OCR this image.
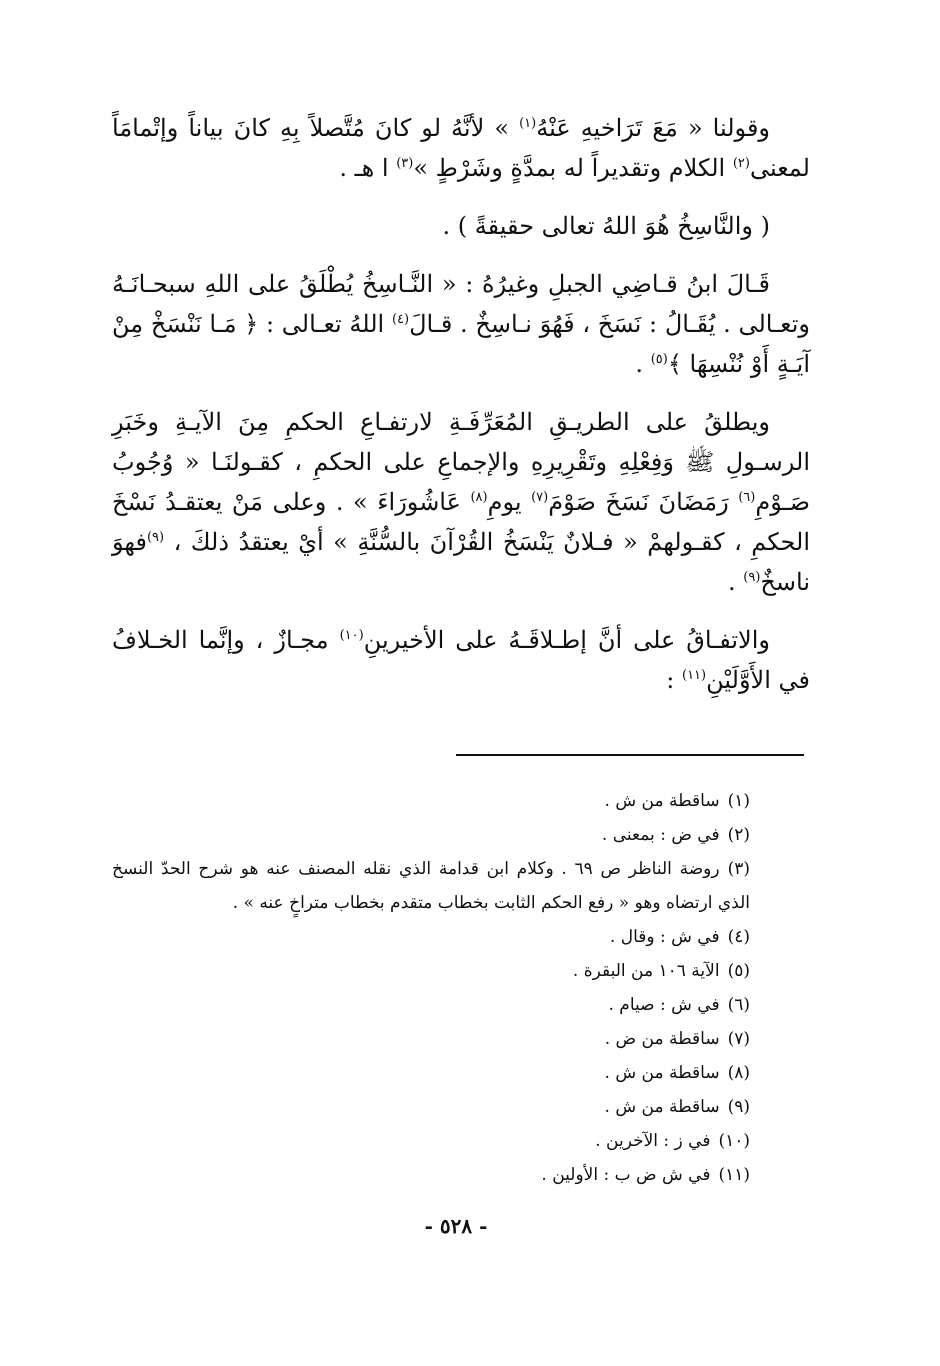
وقولنا « مَعَ تَرَاخيهِ عَنْهُ$^{(١)}$ » لأنَّهُ لو كانَ مُتَّصلاً بِهِ كانَ بياناً وإتْمامَاً لمعنى$^{(٢)}$ الكلام وتقديراً له بمدَّةٍ وشَرْطٍ »$^{(٣)}$ ا هـ .

( والنَّاسِخُ هُوَ اللهُ تعالى حقيقةً ) .

قَـالَ ابنُ قـاضِي الجبلِ وغيرُهُ : « النَّـاسِخُ يُطْلَقُ على اللهِ سبحـانَـهُ وتعـالى . يُقَـالُ : نَسَخَ ، فَهُوَ نـاسِخٌ . قـالَ$^{(٤)}$ اللهُ تعـالى : ﴿ مَـا نَنْسَخْ مِنْ آيَـةٍ أَوْ نُنْسِهَا ﴾$^{(٥)}$ .

ويطلقُ على الطريـقِ المُعَرِّفَـةِ لارتفـاعِ الحكمِ مِنَ الآيـةِ وخَبَرِ الرسـولِ ﷺ وَفِعْلِهِ وتَقْرِيرِهِ والإجماعِ على الحكمِ ، كقـولنَـا « وُجُوبُ صَـوْمِ$^{(٦)}$ رَمَضَانَ نَسَخَ صَوْمَ$^{(٧)}$ يومِ$^{(٨)}$ عَاشُورَاءَ » . وعلى مَنْ يعتقـدُ نَسْخَ الحكمِ ، كقـولهمْ « فـلانٌ يَنْسَخُ القُرْآنَ بالسُّنَّةِ » أيْ يعتقدُ ذلكَ ، $^{(٩)}$فهوَ ناسخٌ$^{(٩)}$ .

والاتفـاقُ على أنَّ إطـلاقَـهُ على الأخيرينِ$^{(١٠)}$ مجـازٌ ، وإنَّما الخـلافُ في الأَوَّلَيْنِ$^{(١١)}$ :

(١)ساقطة من ش .
(٢)في ض : بمعنى .
(٣)روضة الناظر ص ٦٩ . وكلام ابن قدامة الذي نقله المصنف عنه هو شرح الحدّ النسخ الذي ارتضاه وهو « رفع الحكم الثابت بخطاب متقدم بخطاب متراخٍ عنه » .
(٤)في ش : وقال .
(٥)الآية ١٠٦ من البقرة .
(٦)في ش : صيام .
(٧)ساقطة من ض .
(٨)ساقطة من ش .
(٩)ساقطة من ش .
(١٠)في ز : الآخرين .
(١١)في ش ض ب : الأولين .
- ٥٢٨ -
